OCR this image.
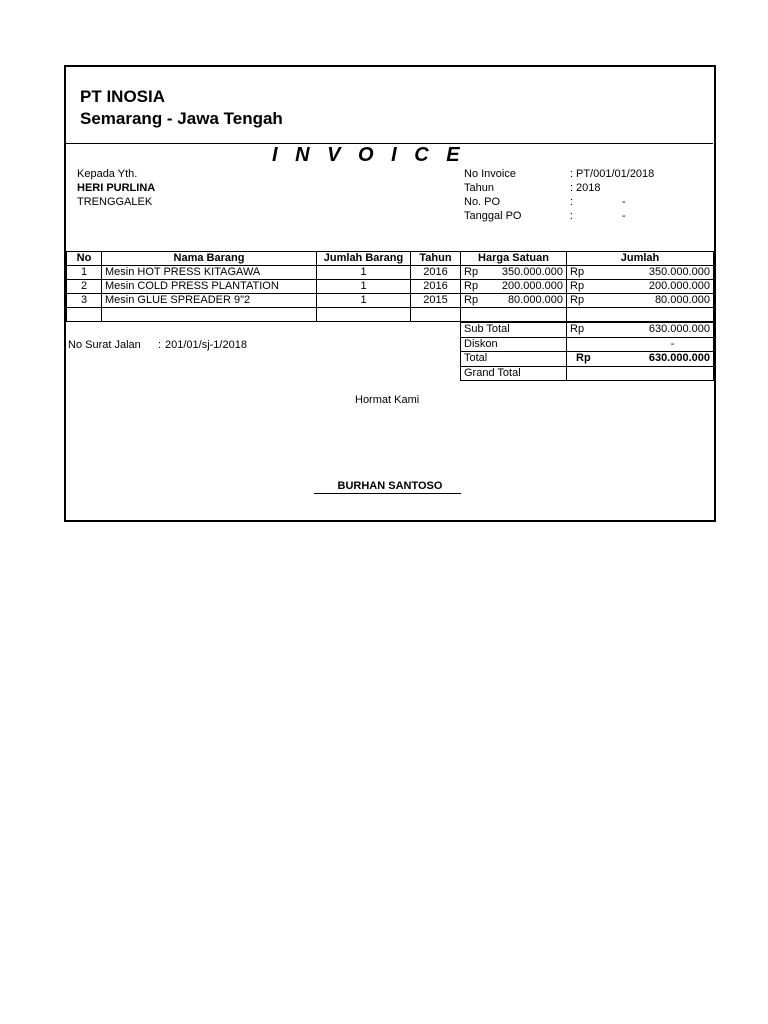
PT INOSIA
Semarang - Jawa Tengah
I N V O I C E
Kepada Yth.
HERI PURLINA
TRENGGALEK
No Invoice	: PT/001/01/2018
Tahun	: 2018
No. PO	:	-
Tanggal PO	:	-
No	Nama Barang	Jumlah Barang	Tahun	Harga Satuan	Jumlah
1	Mesin HOT PRESS KITAGAWA	1	2016	Rp 350.000.000	Rp 350.000.000

2	Mesin COLD PRESS PLANTATION	1	2016	Rp 200.000.000	Rp 200.000.000

3	Mesin GLUE SPREADER 9"2	1	2015	Rp 80.000.000	Rp 80.000.000

No Surat Jalan : 201/01/sj-1/2018
Sub Total	Rp 630.000.000

Diskon	-
Total	Rp 630.000.000

Grand Total	
Hormat Kami
BURHAN SANTOSO
